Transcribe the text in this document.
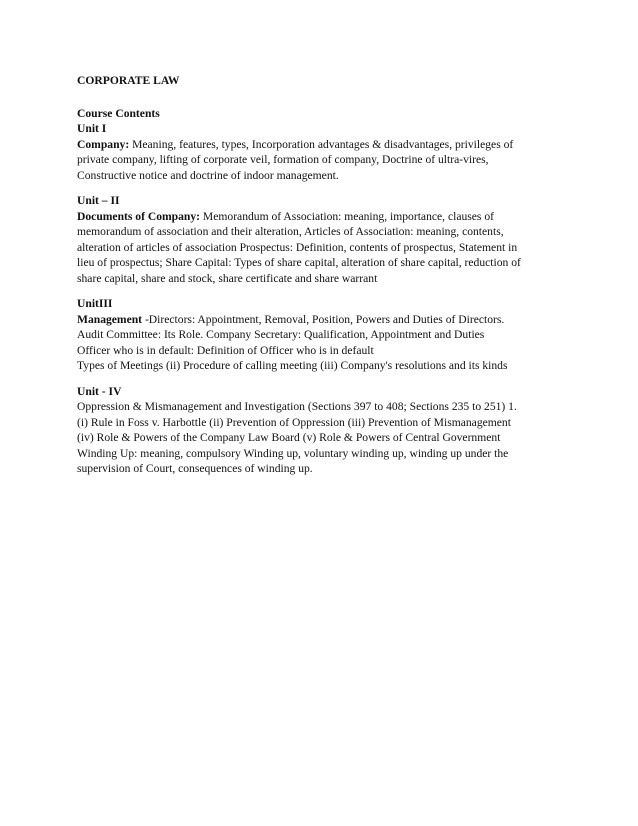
CORPORATE LAW

Course Contents

Unit I

Company: Meaning, features, types, Incorporation advantages & disadvantages, privileges of
private company, lifting of corporate veil, formation of company, Doctrine of ultra-vires,
Constructive notice and doctrine of indoor management.

Unit – II

Documents of Company: Memorandum of Association: meaning, importance, clauses of
memorandum of association and their alteration, Articles of Association: meaning, contents,
alteration of articles of association Prospectus: Definition, contents of prospectus, Statement in
lieu of prospectus; Share Capital: Types of share capital, alteration of share capital, reduction of
share capital, share and stock, share certificate and share warrant

UnitIII

Management -Directors: Appointment, Removal, Position, Powers and Duties of Directors.
Audit Committee: Its Role. Company Secretary: Qualification, Appointment and Duties
Officer who is in default: Definition of Officer who is in default
Types of Meetings (ii) Procedure of calling meeting (iii) Company's resolutions and its kinds

Unit - IV

Oppression & Mismanagement and Investigation (Sections 397 to 408; Sections 235 to 251) 1.
(i) Rule in Foss v. Harbottle (ii) Prevention of Oppression (iii) Prevention of Mismanagement
(iv) Role & Powers of the Company Law Board (v) Role & Powers of Central Government
Winding Up: meaning, compulsory Winding up, voluntary winding up, winding up under the
supervision of Court, consequences of winding up.
